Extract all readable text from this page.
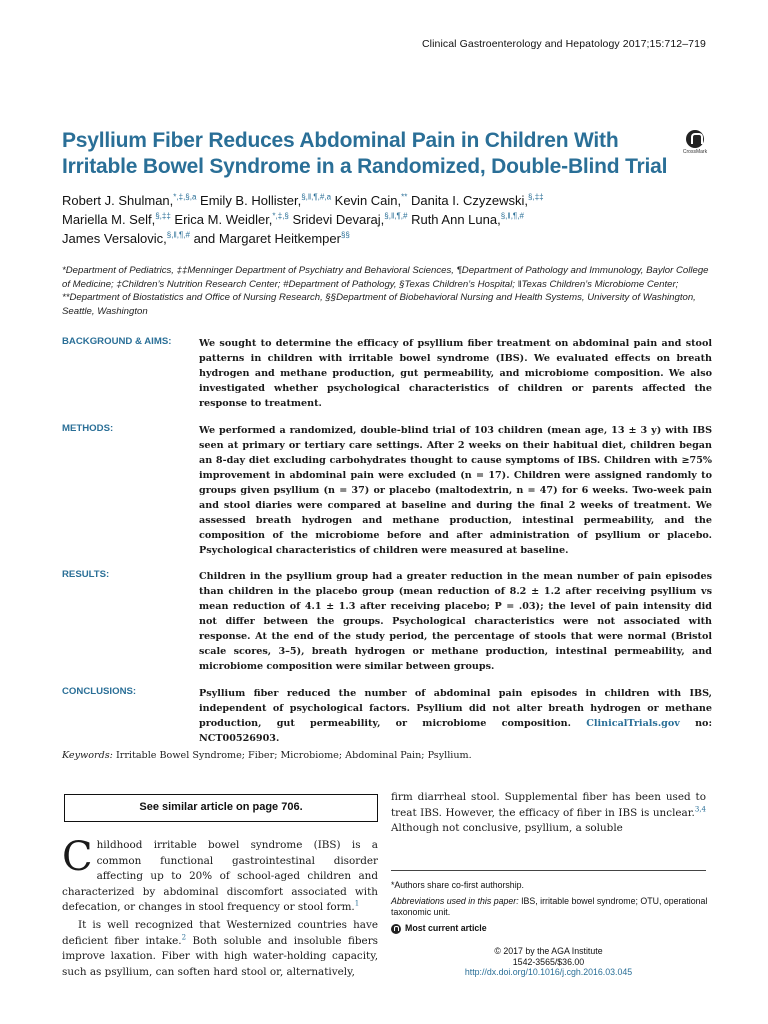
Clinical Gastroenterology and Hepatology 2017;15:712–719
Psyllium Fiber Reduces Abdominal Pain in Children With Irritable Bowel Syndrome in a Randomized, Double-Blind Trial
CrossMark
Robert J. Shulman,$^{*,\ddagger,\S,a}$ Emily B. Hollister,$^{\S,‖,\P,\#,a}$ Kevin Cain,** Danita I. Czyzewski,§,‡‡
Mariella M. Self,§,‡‡ Erica M. Weidler,*,‡,§ Sridevi Devaraj,§,‖,¶,# Ruth Ann Luna,§,‖,¶,#
James Versalovic,§,‖,¶,# and Margaret Heitkemper§§
*Department of Pediatrics, ‡‡Menninger Department of Psychiatry and Behavioral Sciences, ¶Department of Pathology and Immunology, Baylor College of Medicine; ‡Children’s Nutrition Research Center; #Department of Pathology, §Texas Children’s Hospital; ‖Texas Children’s Microbiome Center; **Department of Biostatistics and Office of Nursing Research, §§Department of Biobehavioral Nursing and Health Systems, University of Washington, Seattle, Washington
BACKGROUND & AIMS:	We sought to determine the efficacy of psyllium fiber treatment on abdominal pain and stool patterns in children with irritable bowel syndrome (IBS). We evaluated effects on breath hydrogen and methane production, gut permeability, and microbiome composition. We also investigated whether psychological characteristics of children or parents affected the response to treatment.
METHODS:	We performed a randomized, double-blind trial of 103 children (mean age, 13 ± 3 y) with IBS seen at primary or tertiary care settings. After 2 weeks on their habitual diet, children began an 8-day diet excluding carbohydrates thought to cause symptoms of IBS. Children with ≥75% improvement in abdominal pain were excluded (n = 17). Children were assigned randomly to groups given psyllium (n = 37) or placebo (maltodextrin, n = 47) for 6 weeks. Two-week pain and stool diaries were compared at baseline and during the final 2 weeks of treatment. We assessed breath hydrogen and methane production, intestinal permeability, and the composition of the microbiome before and after administration of psyllium or placebo. Psychological characteristics of children were measured at baseline.
RESULTS:	Children in the psyllium group had a greater reduction in the mean number of pain episodes than children in the placebo group (mean reduction of 8.2 ± 1.2 after receiving psyllium vs mean reduction of 4.1 ± 1.3 after receiving placebo; P = .03); the level of pain intensity did not differ between the groups. Psychological characteristics were not associated with response. At the end of the study period, the percentage of stools that were normal (Bristol scale scores, 3–5), breath hydrogen or methane production, intestinal permeability, and microbiome composition were similar between groups.
CONCLUSIONS:	Psyllium fiber reduced the number of abdominal pain episodes in children with IBS, independent of psychological factors. Psyllium did not alter breath hydrogen or methane production, gut permeability, or microbiome composition. ClinicalTrials.gov no: NCT00526903.
Keywords: Irritable Bowel Syndrome; Fiber; Microbiome; Abdominal Pain; Psyllium.
See similar article on page 706.

Childhood irritable bowel syndrome (IBS) is a common functional gastrointestinal disorder affecting up to 20% of school-aged children and characterized by abdominal discomfort associated with defecation, or changes in stool frequency or stool form.$^1$

It is well recognized that Westernized countries have deficient fiber intake.$^2$ Both soluble and insoluble fibers improve laxation. Fiber with high water-holding capacity, such as psyllium, can soften hard stool or, alternatively,

firm diarrheal stool. Supplemental fiber has been used to treat IBS. However, the efficacy of fiber in IBS is unclear.$^{3,4}$ Although not conclusive, psyllium, a soluble
*Authors share co-first authorship.
Abbreviations used in this paper: IBS, irritable bowel syndrome; OTU, operational taxonomic unit.
Most current article
© 2017 by the AGA Institute
1542-3565/$36.00
http://dx.doi.org/10.1016/j.cgh.2016.03.045
